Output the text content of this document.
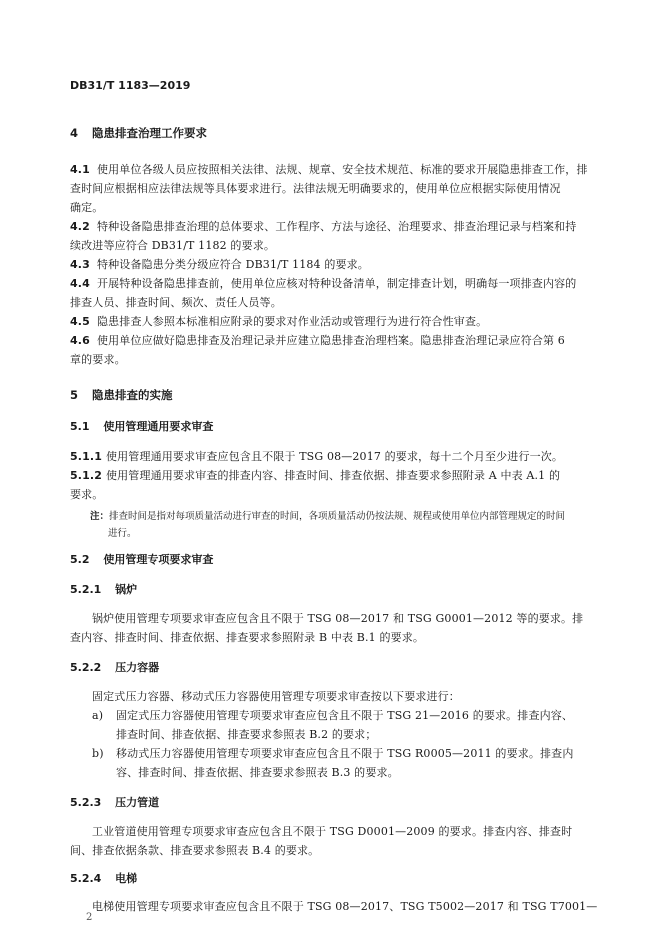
DB31/T 1183—2019
4 隐患排查治理工作要求
4.1 使用单位各级人员应按照相关法律、法规、规章、安全技术规范、标准的要求开展隐患排查工作，排
查时间应根据相应法律法规等具体要求进行。法律法规无明确要求的，使用单位应根据实际使用情况
确定。
4.2 特种设备隐患排查治理的总体要求、工作程序、方法与途径、治理要求、排查治理记录与档案和持
续改进等应符合 DB31/T 1182 的要求。
4.3 特种设备隐患分类分级应符合 DB31/T 1184 的要求。
4.4 开展特种设备隐患排查前，使用单位应核对特种设备清单，制定排查计划，明确每一项排查内容的
排查人员、排查时间、频次、责任人员等。
4.5 隐患排查人参照本标准相应附录的要求对作业活动或管理行为进行符合性审查。
4.6 使用单位应做好隐患排查及治理记录并应建立隐患排查治理档案。隐患排查治理记录应符合第 6
章的要求。
5 隐患排查的实施
5.1 使用管理通用要求审查
5.1.1 使用管理通用要求审查应包含且不限于 TSG 08—2017 的要求，每十二个月至少进行一次。
5.1.2 使用管理通用要求审查的排查内容、排查时间、排查依据、排查要求参照附录 A 中表 A.1 的
要求。
注：排查时间是指对每项质量活动进行审查的时间，各项质量活动仍按法规、规程或使用单位内部管理规定的时间
进行。
5.2 使用管理专项要求审查
5.2.1 锅炉
锅炉使用管理专项要求审查应包含且不限于 TSG 08—2017 和 TSG G0001—2012 等的要求。排
查内容、排查时间、排查依据、排查要求参照附录 B 中表 B.1 的要求。
5.2.2 压力容器
固定式压力容器、移动式压力容器使用管理专项要求审查按以下要求进行：
a) 固定式压力容器使用管理专项要求审查应包含且不限于 TSG 21—2016 的要求。排查内容、
排查时间、排查依据、排查要求参照表 B.2 的要求；
b) 移动式压力容器使用管理专项要求审查应包含且不限于 TSG R0005—2011 的要求。排查内
容、排查时间、排查依据、排查要求参照表 B.3 的要求。
5.2.3 压力管道
工业管道使用管理专项要求审查应包含且不限于 TSG D0001—2009 的要求。排查内容、排查时
间、排查依据条款、排查要求参照表 B.4 的要求。
5.2.4 电梯
电梯使用管理专项要求审查应包含且不限于 TSG 08—2017、TSG T5002—2017 和 TSG T7001—
2
